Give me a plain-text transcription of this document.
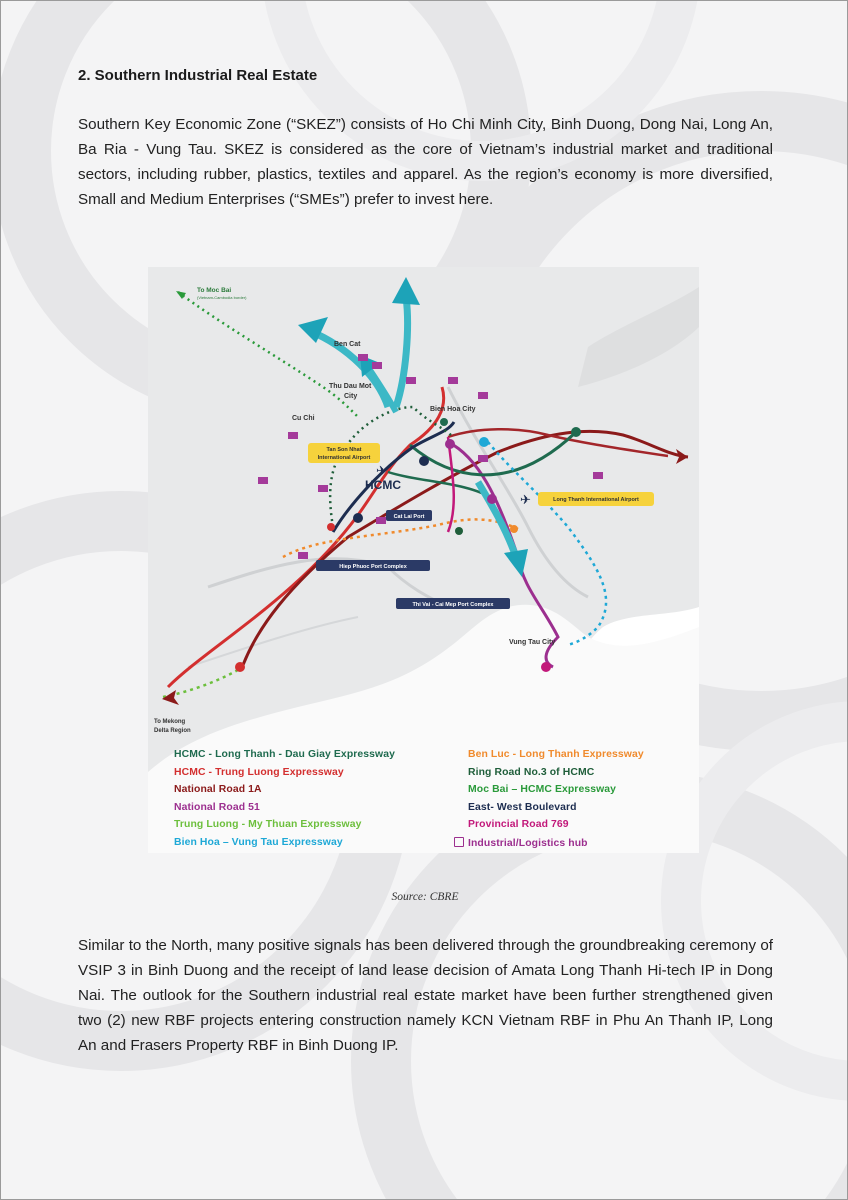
2. Southern Industrial Real Estate

Southern Key Economic Zone (“SKEZ”) consists of Ho Chi Minh City, Binh Duong, Dong Nai, Long An, Ba Ria - Vung Tau. SKEZ is considered as the core of Vietnam’s industrial market and traditional sectors, including rubber, plastics, textiles and apparel. As the region’s economy is more diversified, Small and Medium Enterprises (“SMEs”) prefer to invest here.

To Moc Bai
(Vietnam-Cambodia border)
Ben Cat
Thu Dau Mot
City
Cu Chi
Bien Hoa City
Tan Son Nhat
International Airport
✈
HCMC
Cat Lai Port
Long Thanh International Airport
✈
Hiep Phuoc Port Complex
Thi Vai - Cai Mep Port Complex
Vung Tau City
To Mekong
Delta Region
HCMC - Long Thanh - Dau Giay Expressway
HCMC - Trung Luong Expressway
National Road 1A
National Road 51
Trung Luong - My Thuan Expressway
Bien Hoa – Vung Tau Expressway
Ben Luc - Long Thanh Expressway
Ring Road No.3 of HCMC
Moc Bai – HCMC Expressway
East- West Boulevard
Provincial Road 769
Industrial/Logistics hub

Source: CBRE

Similar to the North, many positive signals has been delivered through the groundbreaking ceremony of VSIP 3 in Binh Duong and the receipt of land lease decision of Amata Long Thanh Hi-tech IP in Dong Nai. The outlook for the Southern industrial real estate market have been further strengthened given two (2) new RBF projects entering construction namely KCN Vietnam RBF in Phu An Thanh IP, Long An and Frasers Property RBF in Binh Duong IP.
